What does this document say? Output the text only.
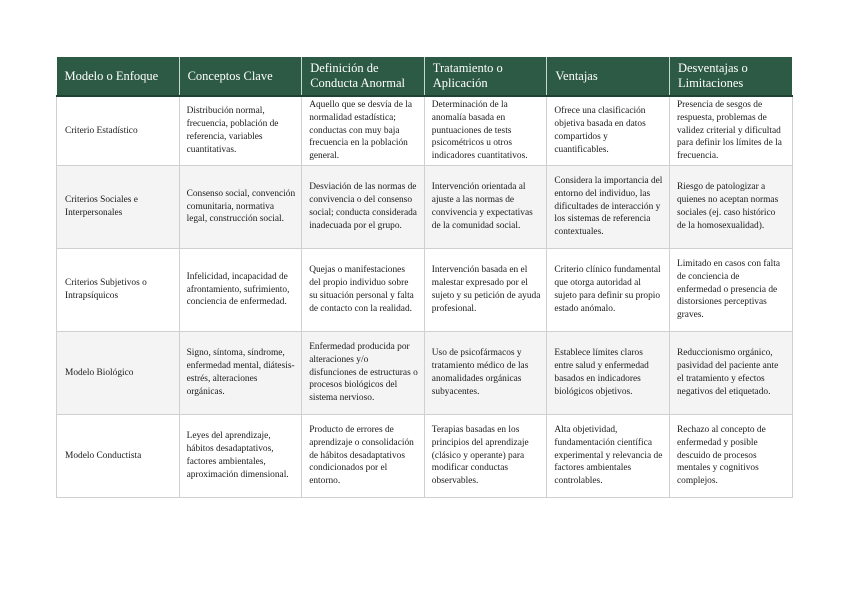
Modelo o Enfoque	Conceptos Clave	Definición de Conducta Anormal	Tratamiento o Aplicación	Ventajas	Desventajas o Limitaciones
Criterio Estadístico	Distribución normal, frecuencia, población de referencia, variables cuantitativas.	Aquello que se desvía de la normalidad estadística; conductas con muy baja frecuencia en la población general.	Determinación de la anomalía basada en puntuaciones de tests psicométricos u otros indicadores cuantitativos.	Ofrece una clasificación objetiva basada en datos compartidos y cuantificables.	Presencia de sesgos de respuesta, problemas de validez criterial y dificultad para definir los límites de la frecuencia.
Criterios Sociales e Interpersonales	Consenso social, convención comunitaria, normativa legal, construcción social.	Desviación de las normas de convivencia o del consenso social; conducta considerada inadecuada por el grupo.	Intervención orientada al ajuste a las normas de convivencia y expectativas de la comunidad social.	Considera la importancia del entorno del individuo, las dificultades de interacción y los sistemas de referencia contextuales.	Riesgo de patologizar a quienes no aceptan normas sociales (ej. caso histórico de la homosexualidad).
Criterios Subjetivos o Intrapsíquicos	Infelicidad, incapacidad de afrontamiento, sufrimiento, conciencia de enfermedad.	Quejas o manifestaciones del propio individuo sobre su situación personal y falta de contacto con la realidad.	Intervención basada en el malestar expresado por el sujeto y su petición de ayuda profesional.	Criterio clínico fundamental que otorga autoridad al sujeto para definir su propio estado anómalo.	Limitado en casos con falta de conciencia de enfermedad o presencia de distorsiones perceptivas graves.
Modelo Biológico	Signo, síntoma, síndrome, enfermedad mental, diátesis-estrés, alteraciones orgánicas.	Enfermedad producida por alteraciones y/o disfunciones de estructuras o procesos biológicos del sistema nervioso.	Uso de psicofármacos y tratamiento médico de las anomalidades orgánicas subyacentes.	Establece límites claros entre salud y enfermedad basados en indicadores biológicos objetivos.	Reduccionismo orgánico, pasividad del paciente ante el tratamiento y efectos negativos del etiquetado.
Modelo Conductista	Leyes del aprendizaje, hábitos desadaptativos, factores ambientales, aproximación dimensional.	Producto de errores de aprendizaje o consolidación de hábitos desadaptativos condicionados por el entorno.	Terapias basadas en los principios del aprendizaje (clásico y operante) para modificar conductas observables.	Alta objetividad, fundamentación científica experimental y relevancia de factores ambientales controlables.	Rechazo al concepto de enfermedad y posible descuido de procesos mentales y cognitivos complejos.
